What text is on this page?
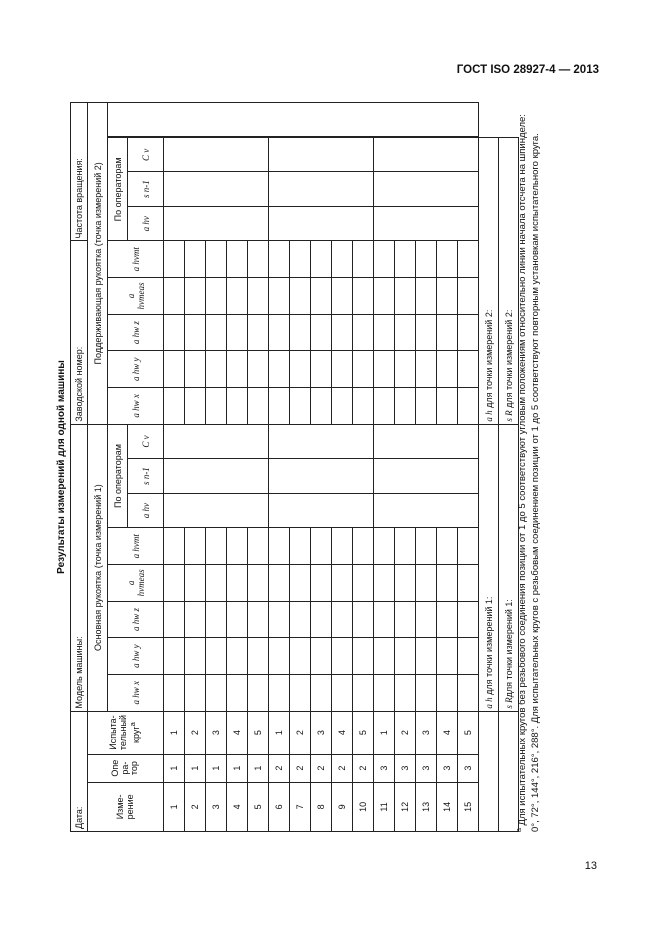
ГОСТ ISO 28927-4 — 2013
Результаты измерений для одной машины
Дата:			Модель машины:								Заводской номер:					Частота вращения:			
Изме-рение	Опе ра-тор	Испыта-тельный круг$^a$	Основная рукоятка (точка измерений 1)								Поддерживающая рукоятка (точка измерений 2)								
			a hw x	a hw y	a hw z	a hvmeas	a hvmt	По операторам			a hw x	a hw y	a hw z	a hvmeas	a hvmt	По операторам			
								a hv	s n-1	C v						a hv	s n-1	C v	
1	1	1																	
2	1	2																	
3	1	3																	
4	1	4																	
5	1	5																	
6	2	1																	
7	2	2																	
8	2	3																	
9	2	4																	
10	2	5																	
11	3	1																	
12	3	2																	
13	3	3																	
14	3	4																	
15	3	5																	
			a h для точки измерений 1:								a h для точки измерений 2:								
			s Rдля точки измерений 1:								s R для точки измерений 2:								
$^a$ Для испытательных кругов без резьбового соединения позиции от 1 до 5 соответствуют угловым положениям относительно линии начала отсчета на шпинделе: 0°, 72°, 144°, 216°, 288°. Для испытательных кругов с резьбовым соединением позиции от 1 до 5 соответствуют повторным установкам испытательного круга.
13
